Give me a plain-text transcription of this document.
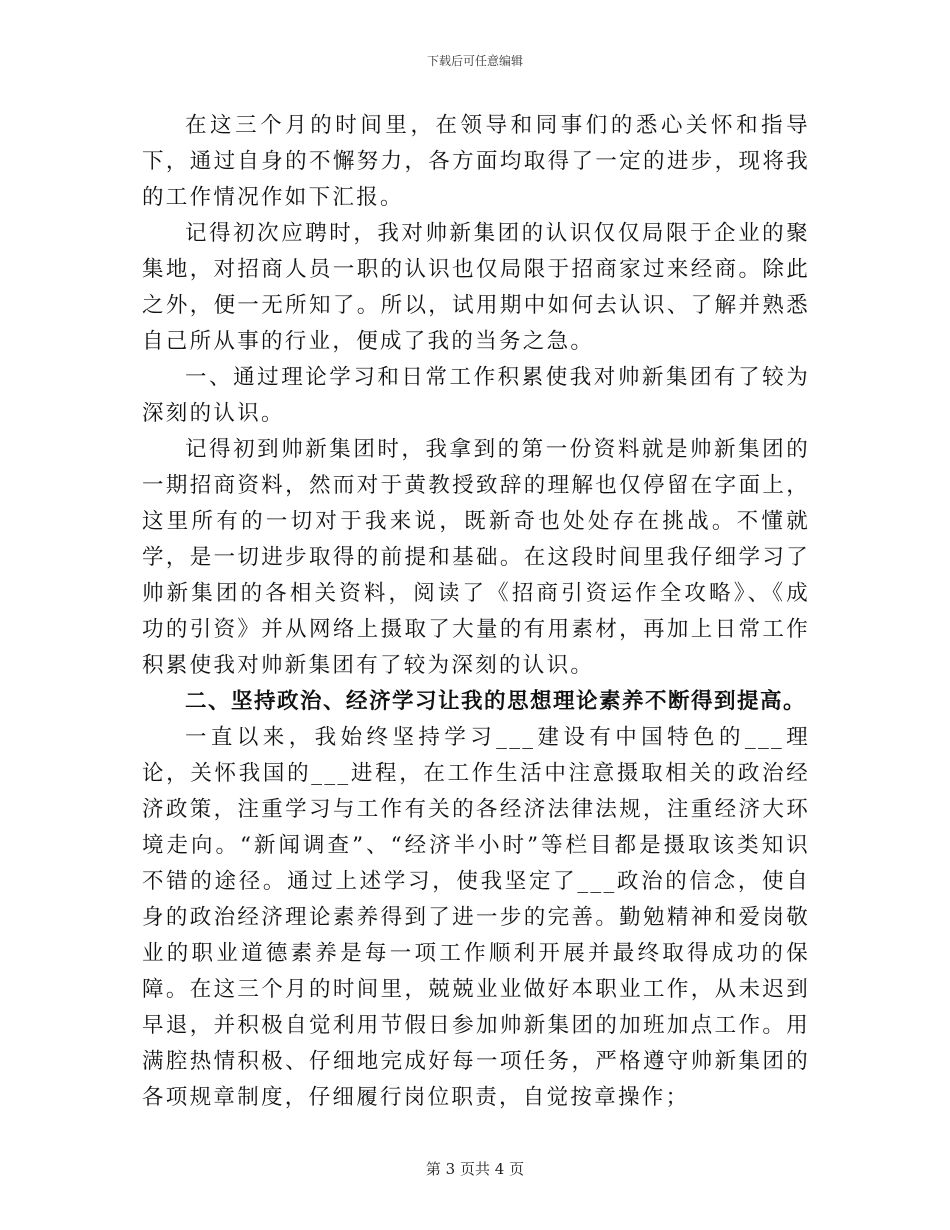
下载后可任意编辑

在这三个月的时间里，在领导和同事们的悉心关怀和指导下，通过自身的不懈努力，各方面均取得了一定的进步，现将我的工作情况作如下汇报。

记得初次应聘时，我对帅新集团的认识仅仅局限于企业的聚集地，对招商人员一职的认识也仅局限于招商家过来经商。除此之外，便一无所知了。所以，试用期中如何去认识、了解并熟悉自己所从事的行业，便成了我的当务之急。

一、通过理论学习和日常工作积累使我对帅新集团有了较为深刻的认识。

记得初到帅新集团时，我拿到的第一份资料就是帅新集团的一期招商资料，然而对于黄教授致辞的理解也仅停留在字面上，这里所有的一切对于我来说，既新奇也处处存在挑战。不懂就学，是一切进步取得的前提和基础。在这段时间里我仔细学习了帅新集团的各相关资料，阅读了《招商引资运作全攻略》、《成功的引资》并从网络上摄取了大量的有用素材，再加上日常工作积累使我对帅新集团有了较为深刻的认识。

二、坚持政治、经济学习让我的思想理论素养不断得到提高。

一直以来，我始终坚持学习___建设有中国特色的___理论，关怀我国的___进程，在工作生活中注意摄取相关的政治经济政策，注重学习与工作有关的各经济法律法规，注重经济大环境走向。“新闻调查”、“经济半小时”等栏目都是摄取该类知识不错的途径。通过上述学习，使我坚定了___政治的信念，使自身的政治经济理论素养得到了进一步的完善。勤勉精神和爱岗敬业的职业道德素养是每一项工作顺利开展并最终取得成功的保障。在这三个月的时间里，兢兢业业做好本职业工作，从未迟到早退，并积极自觉利用节假日参加帅新集团的加班加点工作。用满腔热情积极、仔细地完成好每一项任务，严格遵守帅新集团的各项规章制度，仔细履行岗位职责，自觉按章操作；

第 3 页共 4 页
